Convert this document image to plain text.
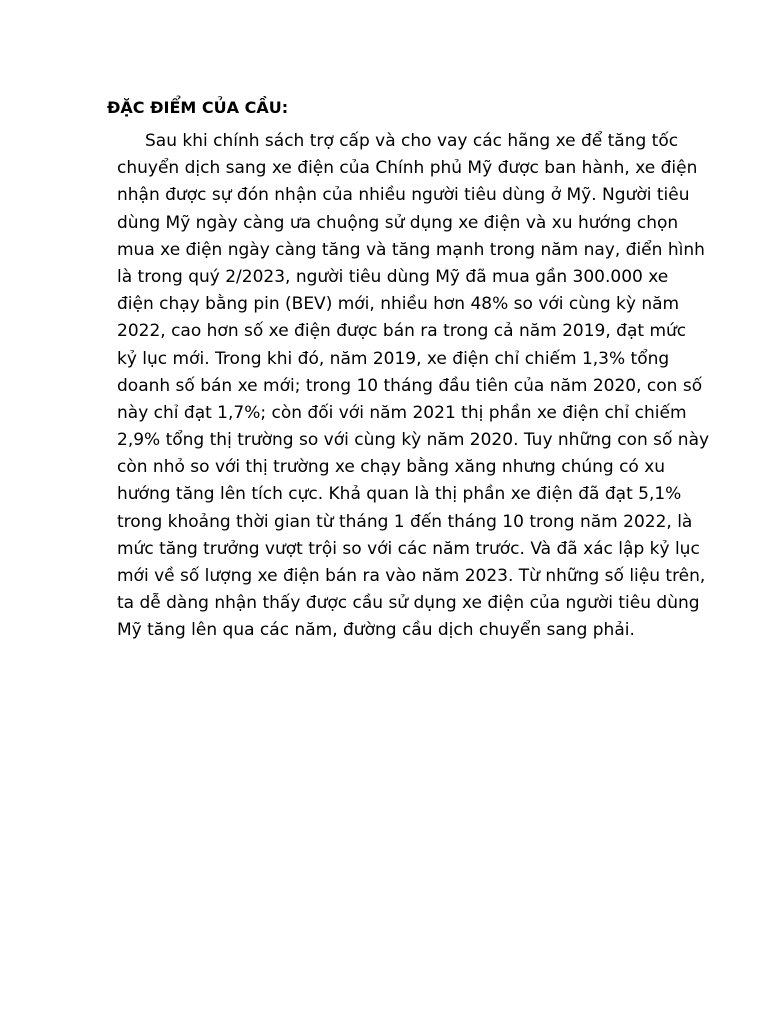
ĐẶC ĐIỂM CỦA CẦU:
Sau khi chính sách trợ cấp và cho vay các hãng xe để tăng tốc
chuyển dịch sang xe điện của Chính phủ Mỹ được ban hành, xe điện
nhận được sự đón nhận của nhiều người tiêu dùng ở Mỹ. Người tiêu
dùng Mỹ ngày càng ưa chuộng sử dụng xe điện và xu hướng chọn
mua xe điện ngày càng tăng và tăng mạnh trong năm nay, điển hình
là trong quý 2/2023, người tiêu dùng Mỹ đã mua gần 300.000 xe
điện chạy bằng pin (BEV) mới, nhiều hơn 48% so với cùng kỳ năm
2022, cao hơn số xe điện được bán ra trong cả năm 2019, đạt mức
kỷ lục mới. Trong khi đó, năm 2019, xe điện chỉ chiếm 1,3% tổng
doanh số bán xe mới; trong 10 tháng đầu tiên của năm 2020, con số
này chỉ đạt 1,7%; còn đối với năm 2021 thị phần xe điện chỉ chiếm
2,9% tổng thị trường so với cùng kỳ năm 2020. Tuy những con số này
còn nhỏ so với thị trường xe chạy bằng xăng nhưng chúng có xu
hướng tăng lên tích cực. Khả quan là thị phần xe điện đã đạt 5,1%
trong khoảng thời gian từ tháng 1 đến tháng 10 trong năm 2022, là
mức tăng trưởng vượt trội so với các năm trước. Và đã xác lập kỷ lục
mới về số lượng xe điện bán ra vào năm 2023. Từ những số liệu trên,
ta dễ dàng nhận thấy được cầu sử dụng xe điện của người tiêu dùng
Mỹ tăng lên qua các năm, đường cầu dịch chuyển sang phải.
